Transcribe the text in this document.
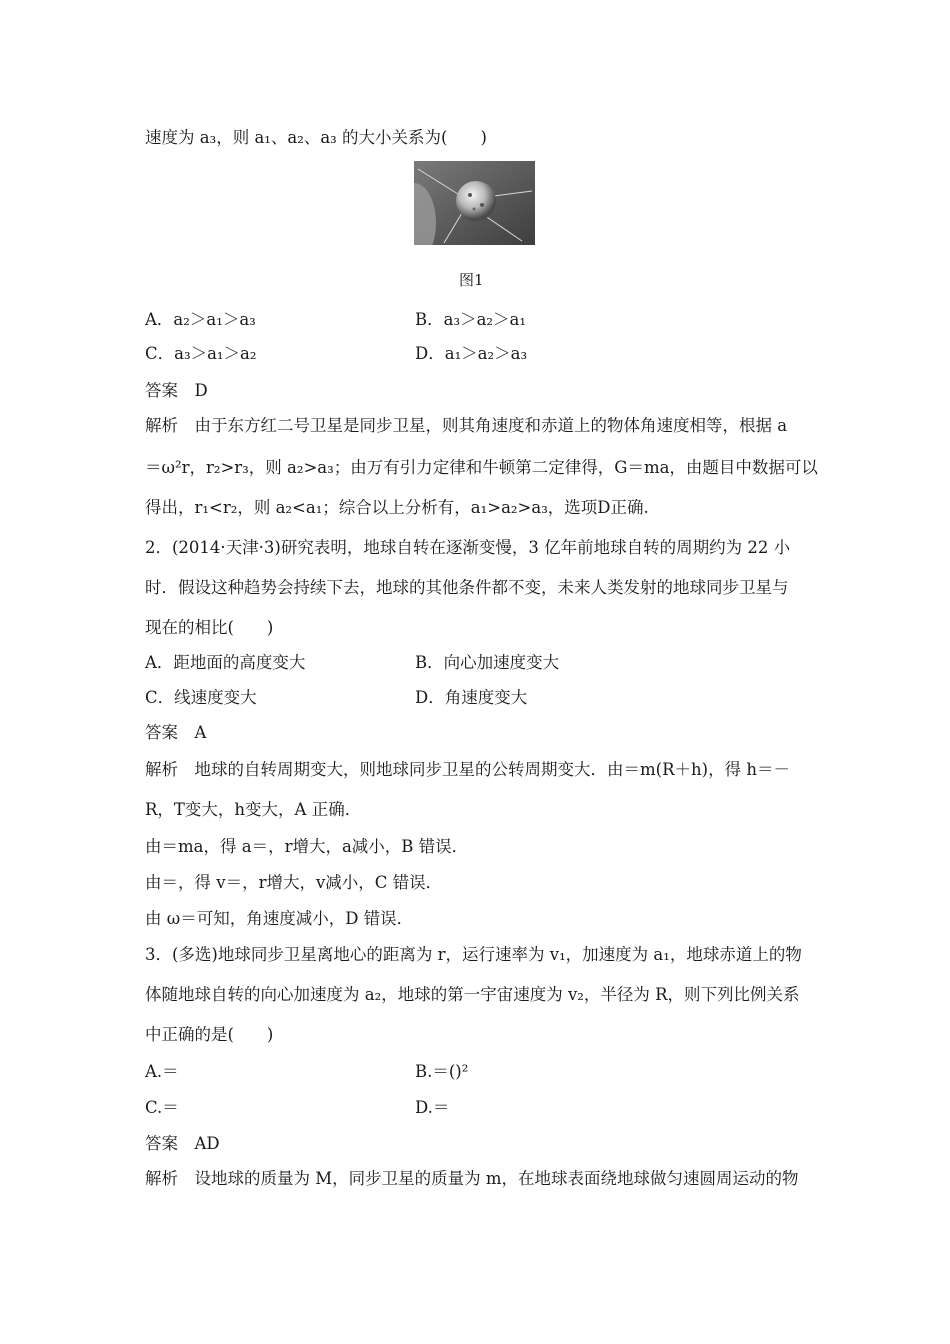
速度为 a₃，则 a₁、a₂、a₃ 的大小关系为(　　)
图1
A．a₂＞a₁＞a₃	B．a₃＞a₂＞a₁
C．a₃＞a₁＞a₂	D．a₁＞a₂＞a₃
答案　D
解析　由于东方红二号卫星是同步卫星，则其角速度和赤道上的物体角速度相等，根据 a
＝ω²r，r₂>r₃，则 a₂>a₃；由万有引力定律和牛顿第二定律得，G＝ma，由题目中数据可以
得出，r₁<r₂，则 a₂<a₁；综合以上分析有，a₁>a₂>a₃，选项D正确.
2．(2014·天津·3)研究表明，地球自转在逐渐变慢，3 亿年前地球自转的周期约为 22 小
时．假设这种趋势会持续下去，地球的其他条件都不变，未来人类发射的地球同步卫星与
现在的相比(　　)
A．距地面的高度变大	B．向心加速度变大
C．线速度变大	D．角速度变大
答案　A
解析　地球的自转周期变大，则地球同步卫星的公转周期变大．由＝m(R＋h)，得 h＝－
R，T变大，h变大，A 正确．
由＝ma，得 a＝，r增大，a减小，B 错误．
由＝，得 v＝，r增大，v减小，C 错误．
由 ω＝可知，角速度减小，D 错误．
3．(多选)地球同步卫星离地心的距离为 r，运行速率为 v₁，加速度为 a₁，地球赤道上的物
体随地球自转的向心加速度为 a₂，地球的第一宇宙速度为 v₂，半径为 R，则下列比例关系
中正确的是(　　)
A.＝	B.＝()²
C.＝	D.＝
答案　AD
解析　设地球的质量为 M，同步卫星的质量为 m，在地球表面绕地球做匀速圆周运动的物
